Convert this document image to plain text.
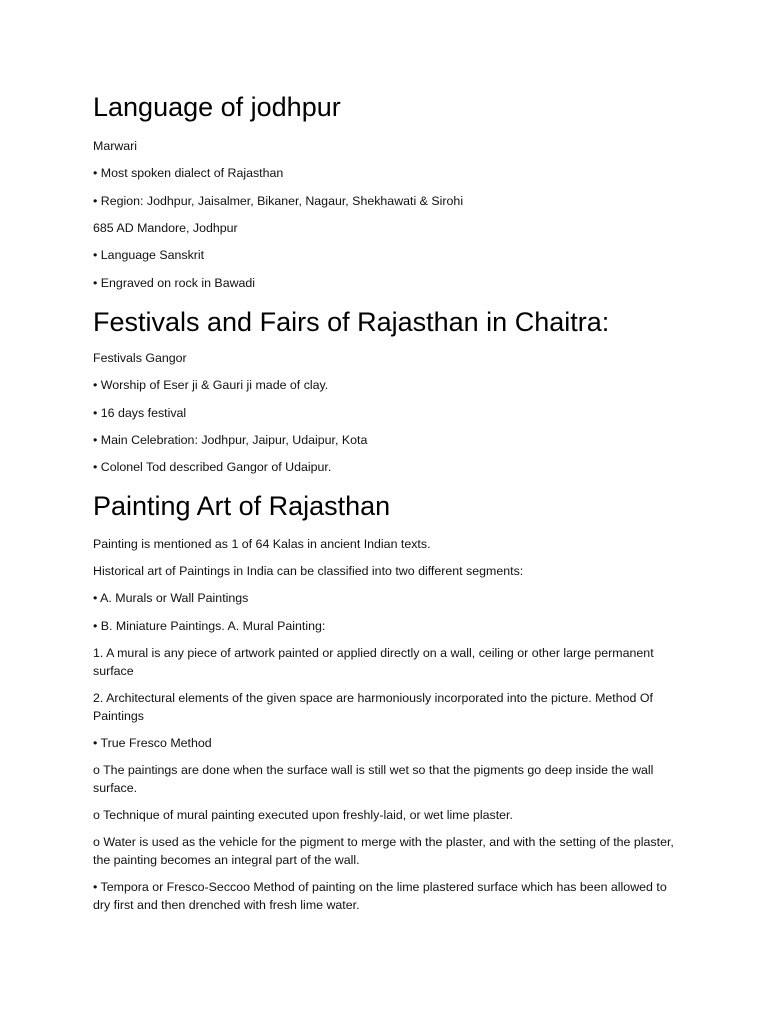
Language of jodhpur

Marwari

• Most spoken dialect of Rajasthan

• Region: Jodhpur, Jaisalmer, Bikaner, Nagaur, Shekhawati & Sirohi

685 AD Mandore, Jodhpur

• Language Sanskrit

• Engraved on rock in Bawadi

Festivals and Fairs of Rajasthan in Chaitra:

Festivals Gangor

• Worship of Eser ji & Gauri ji made of clay.

• 16 days festival

• Main Celebration: Jodhpur, Jaipur, Udaipur, Kota

• Colonel Tod described Gangor of Udaipur.

Painting Art of Rajasthan

Painting is mentioned as 1 of 64 Kalas in ancient Indian texts.

Historical art of Paintings in India can be classified into two different segments:

• A. Murals or Wall Paintings

• B. Miniature Paintings. A. Mural Painting:

1. A mural is any piece of artwork painted or applied directly on a wall, ceiling or other large permanent surface

2. Architectural elements of the given space are harmoniously incorporated into the picture. Method Of Paintings

• True Fresco Method

o The paintings are done when the surface wall is still wet so that the pigments go deep inside the wall surface.

o Technique of mural painting executed upon freshly-laid, or wet lime plaster.

o Water is used as the vehicle for the pigment to merge with the plaster, and with the setting of the plaster, the painting becomes an integral part of the wall.

• Tempora or Fresco-Seccoo Method of painting on the lime plastered surface which has been allowed to dry first and then drenched with fresh lime water.
